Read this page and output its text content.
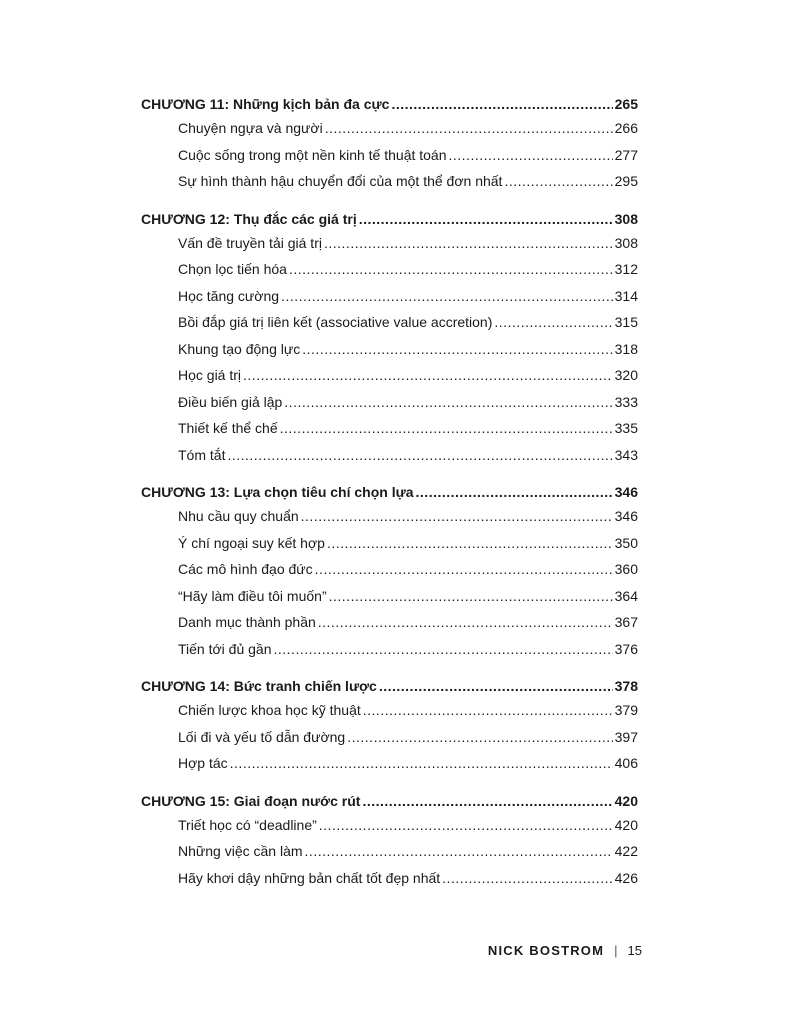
CHƯƠNG 11: Những kịch bản đa cực .....	265
Chuyện ngựa và người .....	266
Cuộc sống trong một nền kinh tế thuật toán .....	277
Sự hình thành hậu chuyển đổi của một thể đơn nhất .....	295
CHƯƠNG 12: Thụ đắc các giá trị .....	308
Vấn đề truyền tải giá trị .....	308
Chọn lọc tiến hóa .....	312
Học tăng cường .....	314
Bồi đắp giá trị liên kết (associative value accretion) .....	315
Khung tạo động lực .....	318
Học giá trị .....	320
Điều biến giả lập .....	333
Thiết kế thể chế .....	335
Tóm tắt .....	343
CHƯƠNG 13: Lựa chọn tiêu chí chọn lựa .....	346
Nhu cầu quy chuẩn .....	346
Ý chí ngoại suy kết hợp .....	350
Các mô hình đạo đức .....	360
“Hãy làm điều tôi muốn” .....	364
Danh mục thành phần .....	367
Tiến tới đủ gần .....	376
CHƯƠNG 14: Bức tranh chiến lược .....	378
Chiến lược khoa học kỹ thuật .....	379
Lối đi và yếu tố dẫn đường .....	397
Hợp tác .....	406
CHƯƠNG 15: Giai đoạn nước rút .....	420
Triết học có “deadline” .....	420
Những việc cần làm .....	422
Hãy khơi dậy những bản chất tốt đẹp nhất .....	426
NICK BOSTROM | 15
